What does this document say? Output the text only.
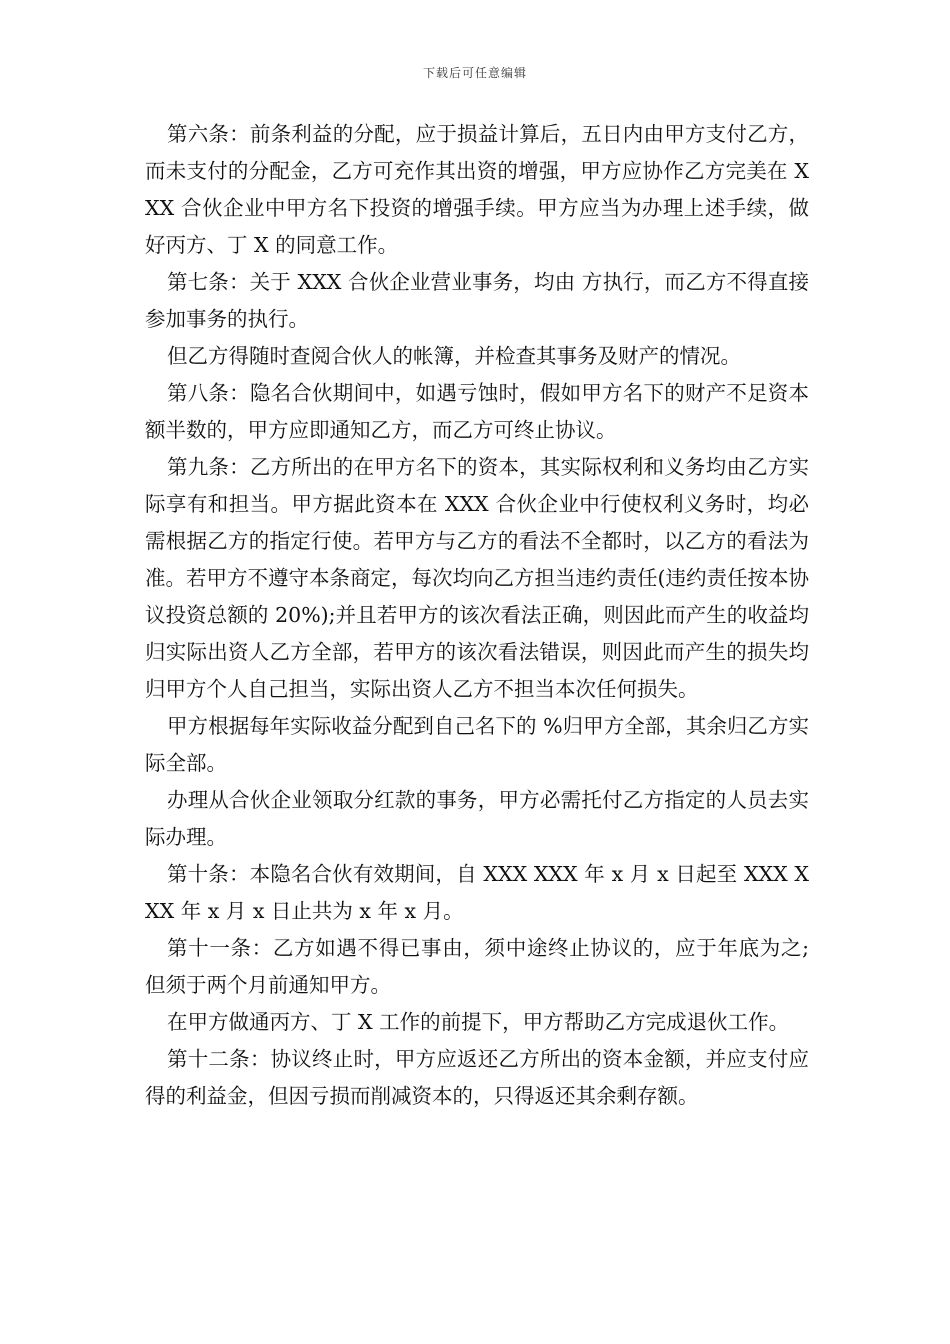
下载后可任意编辑

第六条：前条利益的分配，应于损益计算后，五日内由甲方支付乙方，而未支付的分配金，乙方可充作其出资的增强，甲方应协作乙方完美在 XXX 合伙企业中甲方名下投资的增强手续。甲方应当为办理上述手续，做好丙方、丁 X 的同意工作。

第七条：关于 XXX 合伙企业营业事务，均由 方执行，而乙方不得直接参加事务的执行。

但乙方得随时查阅合伙人的帐簿，并检查其事务及财产的情况。

第八条：隐名合伙期间中，如遇亏蚀时，假如甲方名下的财产不足资本额半数的，甲方应即通知乙方，而乙方可终止协议。

第九条：乙方所出的在甲方名下的资本，其实际权利和义务均由乙方实际享有和担当。甲方据此资本在 XXX 合伙企业中行使权利义务时，均必需根据乙方的指定行使。若甲方与乙方的看法不全都时，以乙方的看法为准。若甲方不遵守本条商定，每次均向乙方担当违约责任(违约责任按本协议投资总额的 20%);并且若甲方的该次看法正确，则因此而产生的收益均归实际出资人乙方全部，若甲方的该次看法错误，则因此而产生的损失均归甲方个人自己担当，实际出资人乙方不担当本次任何损失。

甲方根据每年实际收益分配到自己名下的 %归甲方全部，其余归乙方实际全部。

办理从合伙企业领取分红款的事务，甲方必需托付乙方指定的人员去实际办理。

第十条：本隐名合伙有效期间，自 XXX XXX 年 x 月 x 日起至 XXX XXX 年 x 月 x 日止共为 x 年 x 月。

第十一条：乙方如遇不得已事由，须中途终止协议的，应于年底为之;但须于两个月前通知甲方。

在甲方做通丙方、丁 X 工作的前提下，甲方帮助乙方完成退伙工作。

第十二条：协议终止时，甲方应返还乙方所出的资本金额，并应支付应得的利益金，但因亏损而削减资本的，只得返还其余剩存额。
